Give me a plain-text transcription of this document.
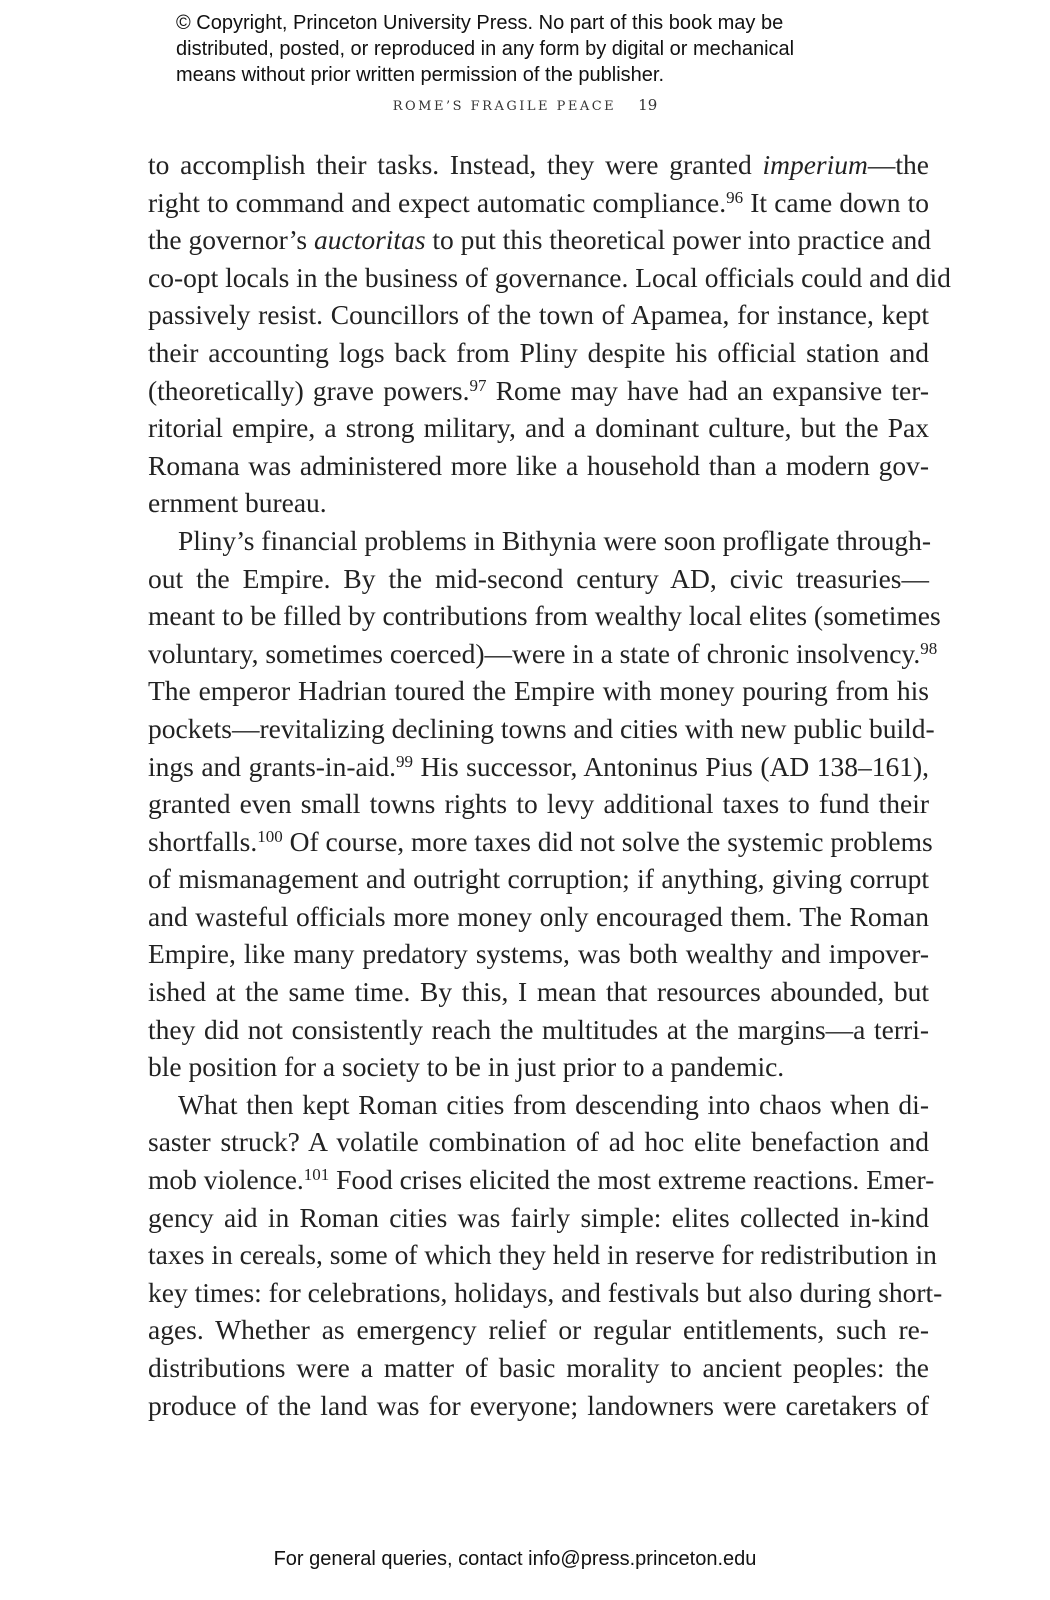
© Copyright, Princeton University Press. No part of this book may be
distributed, posted, or reproduced in any form by digital or mechanical
means without prior written permission of the publisher.
ROME’S FRAGILE PEACE 19
to accomplish their tasks. Instead, they were granted imperium—the
right to command and expect automatic compliance.$^{96}$ It came down to
the governor’s auctoritas to put this theoretical power into practice and
co-opt locals in the business of governance. Local officials could and did
passively resist. Councillors of the town of Apamea, for instance, kept
their accounting logs back from Pliny despite his official station and
(theoretically) grave powers.$^{97}$ Rome may have had an expansive ter-
ritorial empire, a strong military, and a dominant culture, but the Pax
Romana was administered more like a household than a modern gov-
ernment bureau.
Pliny’s financial problems in Bithynia were soon profligate through-
out the Empire. By the mid-second century AD, civic treasuries—
meant to be filled by contributions from wealthy local elites (sometimes
voluntary, sometimes coerced)—were in a state of chronic insolvency.$^{98}$
The emperor Hadrian toured the Empire with money pouring from his
pockets—revitalizing declining towns and cities with new public build-
ings and grants-in-aid.$^{99}$ His successor, Antoninus Pius (AD 138–161),
granted even small towns rights to levy additional taxes to fund their
shortfalls.$^{100}$ Of course, more taxes did not solve the systemic problems
of mismanagement and outright corruption; if anything, giving corrupt
and wasteful officials more money only encouraged them. The Roman
Empire, like many predatory systems, was both wealthy and impover-
ished at the same time. By this, I mean that resources abounded, but
they did not consistently reach the multitudes at the margins—a terri-
ble position for a society to be in just prior to a pandemic.
What then kept Roman cities from descending into chaos when di-
saster struck? A volatile combination of ad hoc elite benefaction and
mob violence.$^{101}$ Food crises elicited the most extreme reactions. Emer-
gency aid in Roman cities was fairly simple: elites collected in-kind
taxes in cereals, some of which they held in reserve for redistribution in
key times: for celebrations, holidays, and festivals but also during short-
ages. Whether as emergency relief or regular entitlements, such re-
distributions were a matter of basic morality to ancient peoples: the
produce of the land was for everyone; landowners were caretakers of
For general queries, contact info@press.princeton.edu
